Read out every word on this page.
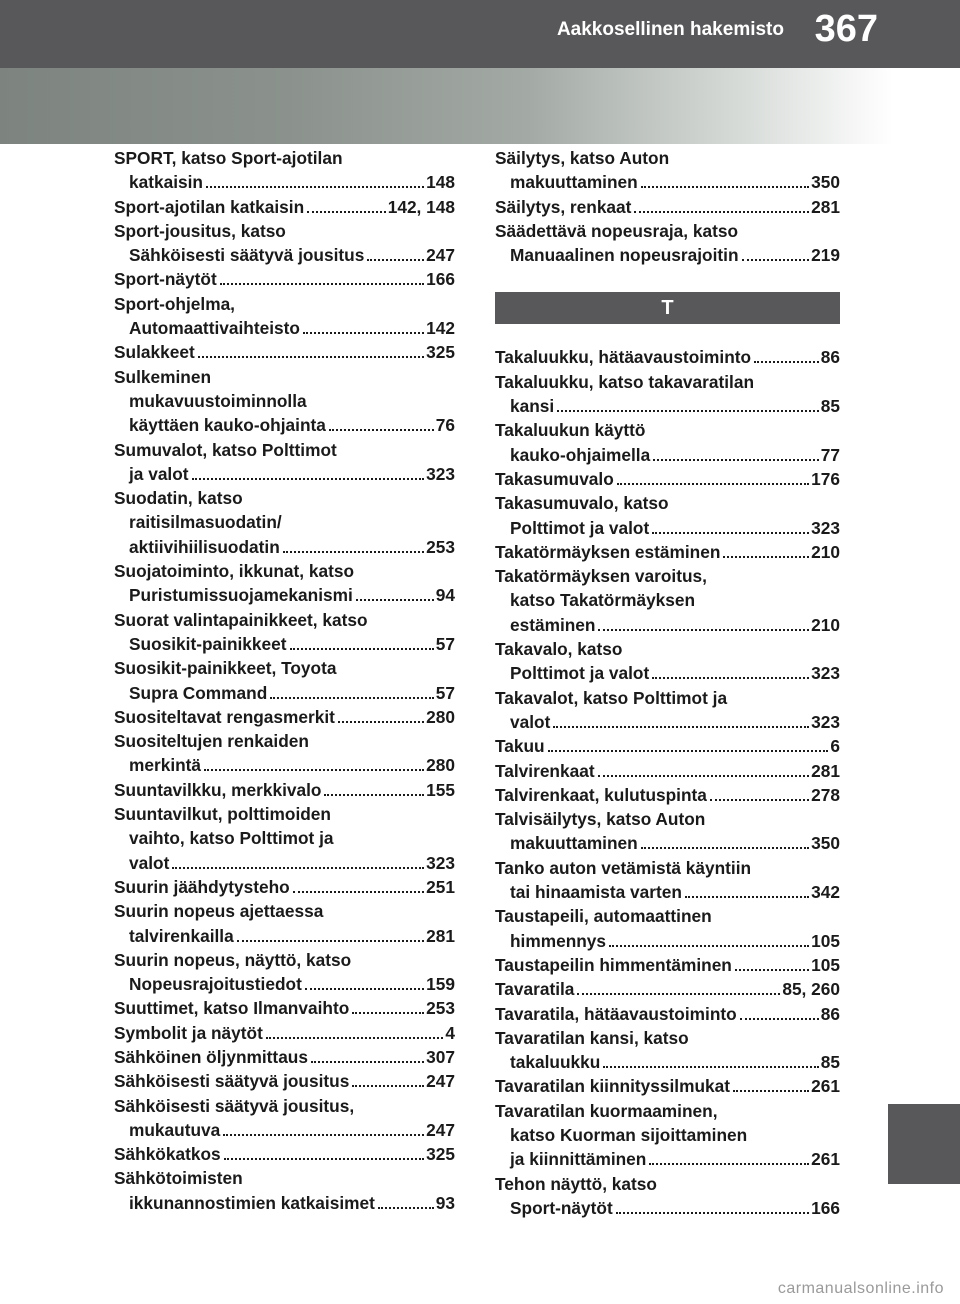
Aakkosellinen hakemisto 367
SPORT, katso Sport-ajotilan
katkaisin	148
Sport-ajotilan katkaisin	142, 148
Sport-jousitus, katso
Sähköisesti säätyvä jousitus	247
Sport-näytöt	166
Sport-ohjelma,
Automaattivaihteisto	142
Sulakkeet	325
Sulkeminen
mukavuustoiminnolla
käyttäen kauko-ohjainta	76
Sumuvalot, katso Polttimot
ja valot	323
Suodatin, katso
raitisilmasuodatin/
aktiivihiilisuodatin	253
Suojatoiminto, ikkunat, katso
Puristumissuojamekanismi	94
Suorat valintapainikkeet, katso
Suosikit-painikkeet	57
Suosikit-painikkeet, Toyota
Supra Command	57
Suositeltavat rengasmerkit	280
Suositeltujen renkaiden
merkintä	280
Suuntavilkku, merkkivalo	155
Suuntavilkut, polttimoiden
vaihto, katso Polttimot ja
valot	323
Suurin jäähdytysteho	251
Suurin nopeus ajettaessa
talvirenkailla	281
Suurin nopeus, näyttö, katso
Nopeusrajoitustiedot	159
Suuttimet, katso Ilmanvaihto	253
Symbolit ja näytöt	4
Sähköinen öljynmittaus	307
Sähköisesti säätyvä jousitus	247
Sähköisesti säätyvä jousitus,
mukautuva	247
Sähkökatkos	325
Sähkötoimisten
ikkunannostimien katkaisimet	93
Säilytys, katso Auton
makuuttaminen	350
Säilytys, renkaat	281
Säädettävä nopeusraja, katso
Manuaalinen nopeusrajoitin	219
T
Takaluukku, hätäavaustoiminto	86
Takaluukku, katso takavaratilan
kansi	85
Takaluukun käyttö
kauko-ohjaimella	77
Takasumuvalo	176
Takasumuvalo, katso
Polttimot ja valot	323
Takatörmäyksen estäminen	210
Takatörmäyksen varoitus,
katso Takatörmäyksen
estäminen	210
Takavalo, katso
Polttimot ja valot	323
Takavalot, katso Polttimot ja
valot	323
Takuu	6
Talvirenkaat	281
Talvirenkaat, kulutuspinta	278
Talvisäilytys, katso Auton
makuuttaminen	350
Tanko auton vetämistä käyntiin
tai hinaamista varten	342
Taustapeili, automaattinen
himmennys	105
Taustapeilin himmentäminen	105
Tavaratila	85, 260
Tavaratila, hätäavaustoiminto	86
Tavaratilan kansi, katso
takaluukku	85
Tavaratilan kiinnityssilmukat	261
Tavaratilan kuormaaminen,
katso Kuorman sijoittaminen
ja kiinnittäminen	261
Tehon näyttö, katso
Sport-näytöt	166
carmanualsonline.info
